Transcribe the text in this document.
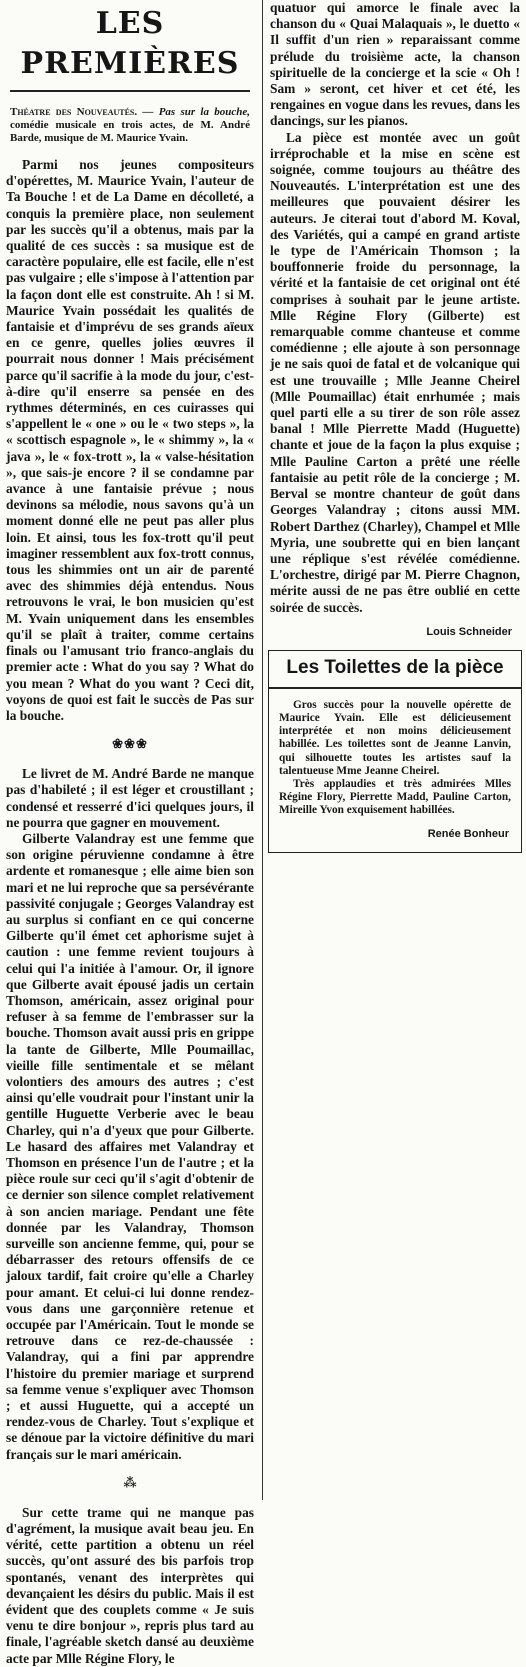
LES PREMIÈRES
Théatre des Nouveautés. — Pas sur la bouche, comédie musicale en trois actes, de M. André Barde, musique de M. Maurice Yvain.

Parmi nos jeunes compositeurs d'opérettes, M. Maurice Yvain, l'auteur de Ta Bouche ! et de La Dame en décolleté, a conquis la première place, non seulement par les succès qu'il a obtenus, mais par la qualité de ces succès : sa musique est de caractère populaire, elle est facile, elle n'est pas vulgaire ; elle s'impose à l'attention par la façon dont elle est construite. Ah ! si M. Maurice Yvain possédait les qualités de fantaisie et d'imprévu de ses grands aïeux en ce genre, quelles jolies œuvres il pourrait nous donner ! Mais précisément parce qu'il sacrifie à la mode du jour, c'est-à-dire qu'il enserre sa pensée en des rythmes déterminés, en ces cuirasses qui s'appellent le « one » ou le « two steps », la « scottisch espagnole », le « shimmy », la « java », le « fox-trott », la « valse-hésitation », que sais-je encore ? il se condamne par avance à une fantaisie prévue ; nous devinons sa mélodie, nous savons qu'à un moment donné elle ne peut pas aller plus loin. Et ainsi, tous les fox-trott qu'il peut imaginer ressemblent aux fox-trott connus, tous les shimmies ont un air de parenté avec des shimmies déjà entendus. Nous retrouvons le vrai, le bon musicien qu'est M. Yvain uniquement dans les ensembles qu'il se plaît à traiter, comme certains finals ou l'amusant trio franco-anglais du premier acte : What do you say ? What do you mean ? What do you want ? Ceci dit, voyons de quoi est fait le succès de Pas sur la bouche.

❀❀❀

Le livret de M. André Barde ne manque pas d'habileté ; il est léger et croustillant ; condensé et resserré d'ici quelques jours, il ne pourra que gagner en mouvement.

Gilberte Valandray est une femme que son origine péruvienne condamne à être ardente et romanesque ; elle aime bien son mari et ne lui reproche que sa persévérante passivité conjugale ; Georges Valandray est au surplus si confiant en ce qui concerne Gilberte qu'il émet cet aphorisme sujet à caution : une femme revient toujours à celui qui l'a initiée à l'amour. Or, il ignore que Gilberte avait épousé jadis un certain Thomson, américain, assez original pour refuser à sa femme de l'embrasser sur la bouche. Thomson avait aussi pris en grippe la tante de Gilberte, Mlle Poumaillac, vieille fille sentimentale et se mêlant volontiers des amours des autres ; c'est ainsi qu'elle voudrait pour l'instant unir la gentille Huguette Verberie avec le beau Charley, qui n'a d'yeux que pour Gilberte. Le hasard des affaires met Valandray et Thomson en présence l'un de l'autre ; et la pièce roule sur ceci qu'il s'agit d'obtenir de ce dernier son silence complet relativement à son ancien mariage. Pendant une fête donnée par les Valandray, Thomson surveille son ancienne femme, qui, pour se débarrasser des retours offensifs de ce jaloux tardif, fait croire qu'elle a Charley pour amant. Et celui-ci lui donne rendez-vous dans une garçonnière retenue et occupée par l'Américain. Tout le monde se retrouve dans ce rez-de-chaussée : Valandray, qui a fini par apprendre l'histoire du premier mariage et surprend sa femme venue s'expliquer avec Thomson ; et aussi Huguette, qui a accepté un rendez-vous de Charley. Tout s'explique et se dénoue par la victoire définitive du mari français sur le mari américain.

⁂

Sur cette trame qui ne manque pas d'agrément, la musique avait beau jeu. En vérité, cette partition a obtenu un réel succès, qu'ont assuré des bis parfois trop spontanés, venant des interprètes qui devançaient les désirs du public. Mais il est évident que des couplets comme « Je suis venu te dire bonjour », repris plus tard au finale, l'agréable sketch dansé au deuxième acte par Mlle Régine Flory, le

quatuor qui amorce le finale avec la chanson du « Quai Malaquais », le duetto « Il suffit d'un rien » reparaissant comme prélude du troisième acte, la chanson spirituelle de la concierge et la scie « Oh ! Sam » seront, cet hiver et cet été, les rengaines en vogue dans les revues, dans les dancings, sur les pianos.

La pièce est montée avec un goût irréprochable et la mise en scène est soignée, comme toujours au théâtre des Nouveautés. L'interprétation est une des meilleures que pouvaient désirer les auteurs. Je citerai tout d'abord M. Koval, des Variétés, qui a campé en grand artiste le type de l'Américain Thomson ; la bouffonnerie froide du personnage, la vérité et la fantaisie de cet original ont été comprises à souhait par le jeune artiste. Mlle Régine Flory (Gilberte) est remarquable comme chanteuse et comme comédienne ; elle ajoute à son personnage je ne sais quoi de fatal et de volcanique qui est une trouvaille ; Mlle Jeanne Cheirel (Mlle Poumaillac) était enrhumée ; mais quel parti elle a su tirer de son rôle assez banal ! Mlle Pierrette Madd (Huguette) chante et joue de la façon la plus exquise ; Mlle Pauline Carton a prêté une réelle fantaisie au petit rôle de la concierge ; M. Berval se montre chanteur de goût dans Georges Valandray ; citons aussi MM. Robert Darthez (Charley), Champel et Mlle Myria, une soubrette qui en bien lançant une réplique s'est révélée comédienne. L'orchestre, dirigé par M. Pierre Chagnon, mérite aussi de ne pas être oublié en cette soirée de succès.

Louis Schneider
Les Toilettes de la pièce

Gros succès pour la nouvelle opérette de Maurice Yvain. Elle est délicieusement interprétée et non moins délicieusement habillée. Les toilettes sont de Jeanne Lanvin, qui silhouette toutes les artistes sauf la talentueuse Mme Jeanne Cheirel.

Très applaudies et très admirées Mlles Régine Flory, Pierrette Madd, Pauline Carton, Mireille Yvon exquisement habillées.

Renée Bonheur
